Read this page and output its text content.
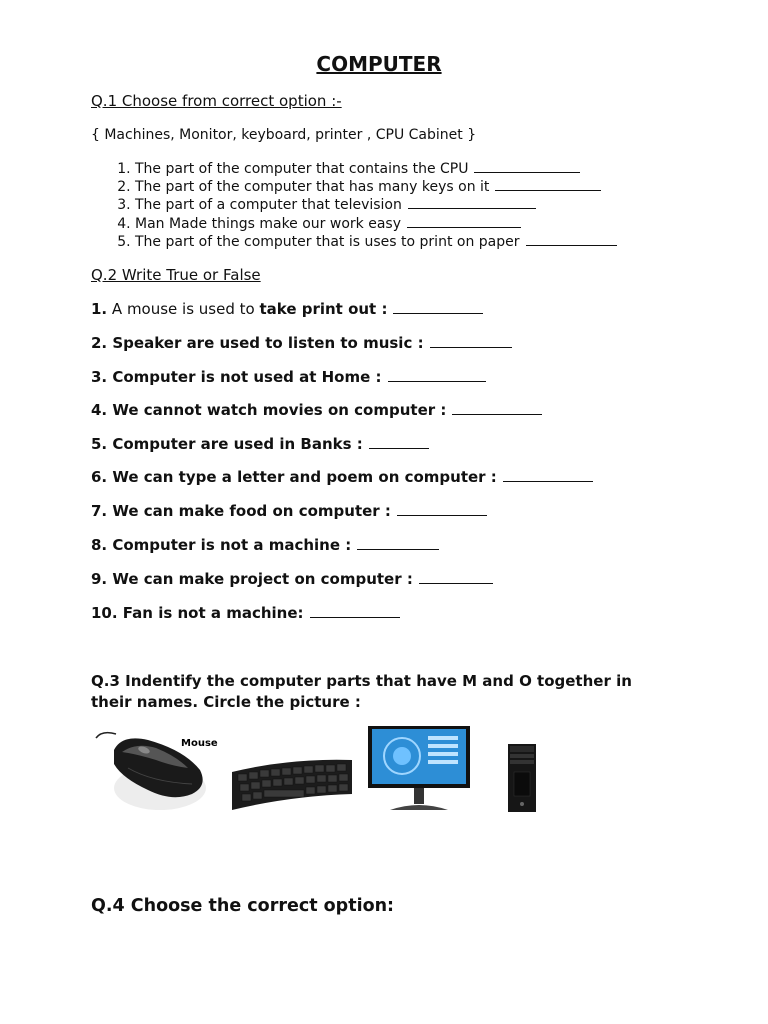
COMPUTER
Q.1 Choose from correct option :-
{ Machines, Monitor, keyboard, printer , CPU Cabinet }
1. The part of the computer that contains the CPU
2. The part of the computer that has many keys on it
3. The part of a computer that television
4. Man Made things make our work easy
5. The part of the computer that is uses to print on paper
Q.2 Write True or False
1. A mouse is used to take print out :
2. Speaker are used to listen to music :
3. Computer is not used at Home :
4. We cannot watch movies on computer :
5. Computer are used in Banks :
6. We can type a letter and poem on computer :
7. We can make food on computer :
8. Computer is not a machine :
9. We can make project on computer :
10. Fan is not a machine:
Q.3 Indentify the computer parts that have M and O together in their names. Circle the picture :
Mouse
Q.4 Choose the correct option:
